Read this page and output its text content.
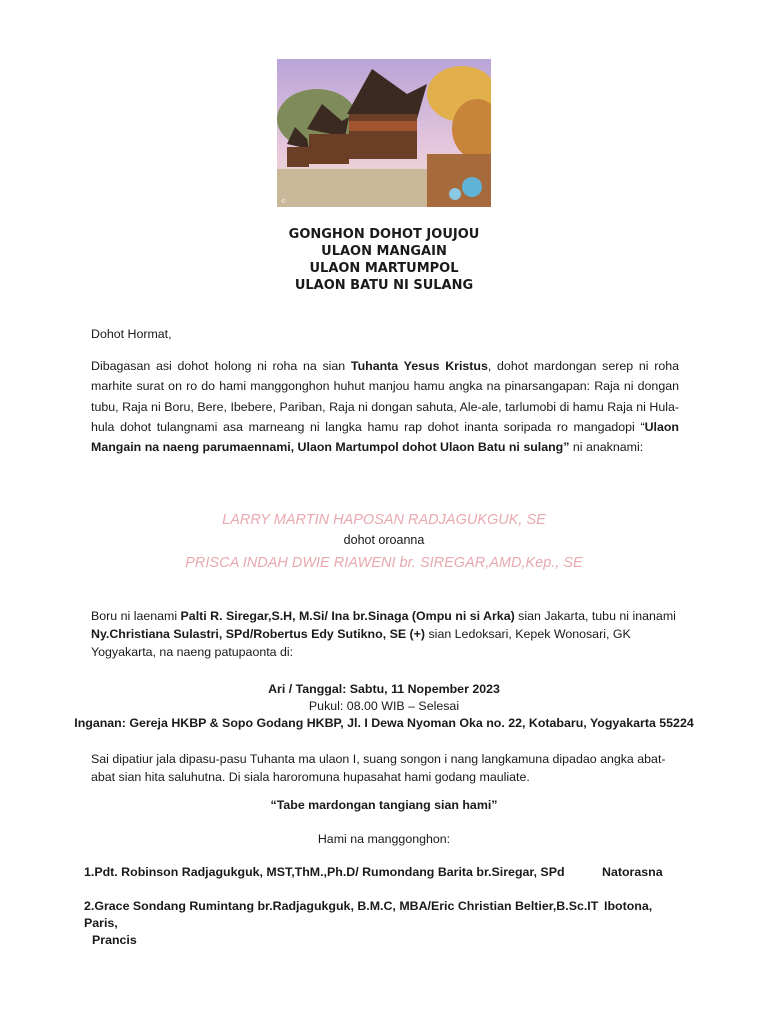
©
GONGHON DOHOT JOUJOU
ULAON MANGAIN
ULAON MARTUMPOL
ULAON BATU NI SULANG
Dohot Hormat,
Dibagasan asi dohot holong ni roha na sian Tuhanta Yesus Kristus, dohot mardongan serep ni roha marhite surat on ro do hami manggonghon huhut manjou hamu angka na pinarsangapan: Raja ni dongan tubu, Raja ni Boru, Bere, Ibebere, Pariban, Raja ni dongan sahuta, Ale-ale, tarlumobi di hamu Raja ni Hula- hula dohot tulangnami asa marneang ni langka hamu rap dohot inanta soripada ro mangadopi “Ulaon Mangain na naeng parumaennami, Ulaon Martumpol dohot Ulaon Batu ni sulang” ni anaknami:
LARRY MARTIN HAPOSAN RADJAGUKGUK, SE
dohot oroanna
PRISCA INDAH DWIE RIAWENI br. SIREGAR,AMD,Kep., SE
Boru ni laenami Palti R. Siregar,S.H, M.Si/ Ina br.Sinaga (Ompu ni si Arka) sian Jakarta, tubu ni inanami Ny.Christiana Sulastri, SPd/Robertus Edy Sutikno, SE (+) sian Ledoksari, Kepek Wonosari, GK Yogyakarta, na naeng patupaonta di:
Ari / Tanggal: Sabtu, 11 Nopember 2023
Pukul: 08.00 WIB – Selesai
Inganan: Gereja HKBP & Sopo Godang HKBP, Jl. I Dewa Nyoman Oka no. 22, Kotabaru, Yogyakarta 55224
Sai dipatiur jala dipasu-pasu Tuhanta ma ulaon I, suang songon i nang langkamuna dipadao angka abat-abat sian hita saluhutna. Di siala haroromuna hupasahat hami godang mauliate.
“Tabe mardongan tangiang sian hami”
Hami na manggonghon:
1.Pdt. Robinson Radjagukguk, MST,ThM.,Ph.D/ Rumondang Barita br.Siregar, SPd	Natorasna
2.Grace Sondang Rumintang br.Radjagukguk, B.M.C, MBA/Eric Christian Beltier,B.Sc.IT Ibotona,
Paris,
Prancis
